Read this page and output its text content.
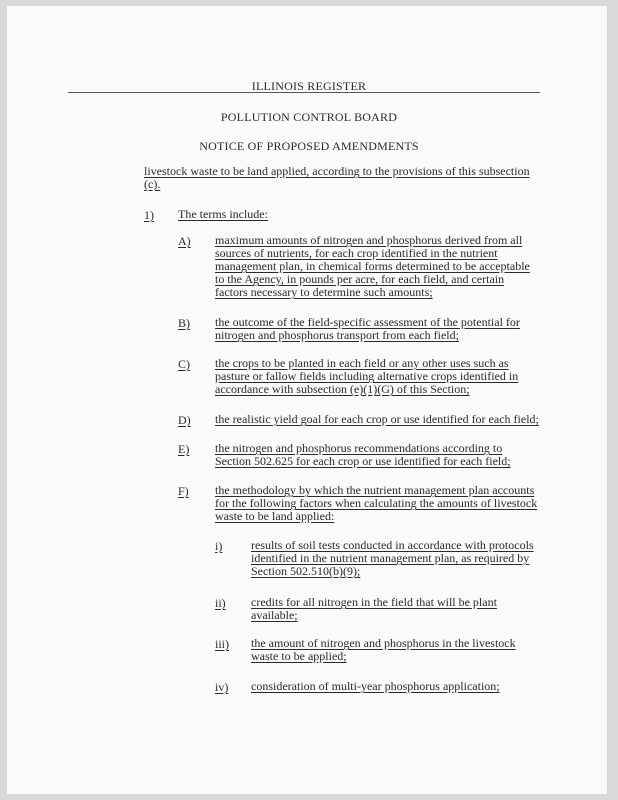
ILLINOIS REGISTER
POLLUTION CONTROL BOARD
NOTICE OF PROPOSED AMENDMENTS
livestock waste to be land applied, according to the provisions of this subsection
(c).
1) The terms include:
A) maximum amounts of nitrogen and phosphorus derived from all
sources of nutrients, for each crop identified in the nutrient
management plan, in chemical forms determined to be acceptable
to the Agency, in pounds per acre, for each field, and certain
factors necessary to determine such amounts;
B) the outcome of the field-specific assessment of the potential for
nitrogen and phosphorus transport from each field;
C) the crops to be planted in each field or any other uses such as
pasture or fallow fields including alternative crops identified in
accordance with subsection (e)(1)(G) of this Section;
D) the realistic yield goal for each crop or use identified for each field;
E) the nitrogen and phosphorus recommendations according to
Section 502.625 for each crop or use identified for each field;
F) the methodology by which the nutrient management plan accounts
for the following factors when calculating the amounts of livestock
waste to be land applied:
i) results of soil tests conducted in accordance with protocols
identified in the nutrient management plan, as required by
Section 502.510(b)(9);
ii) credits for all nitrogen in the field that will be plant
available;
iii) the amount of nitrogen and phosphorus in the livestock
waste to be applied;
iv) consideration of multi-year phosphorus application;
